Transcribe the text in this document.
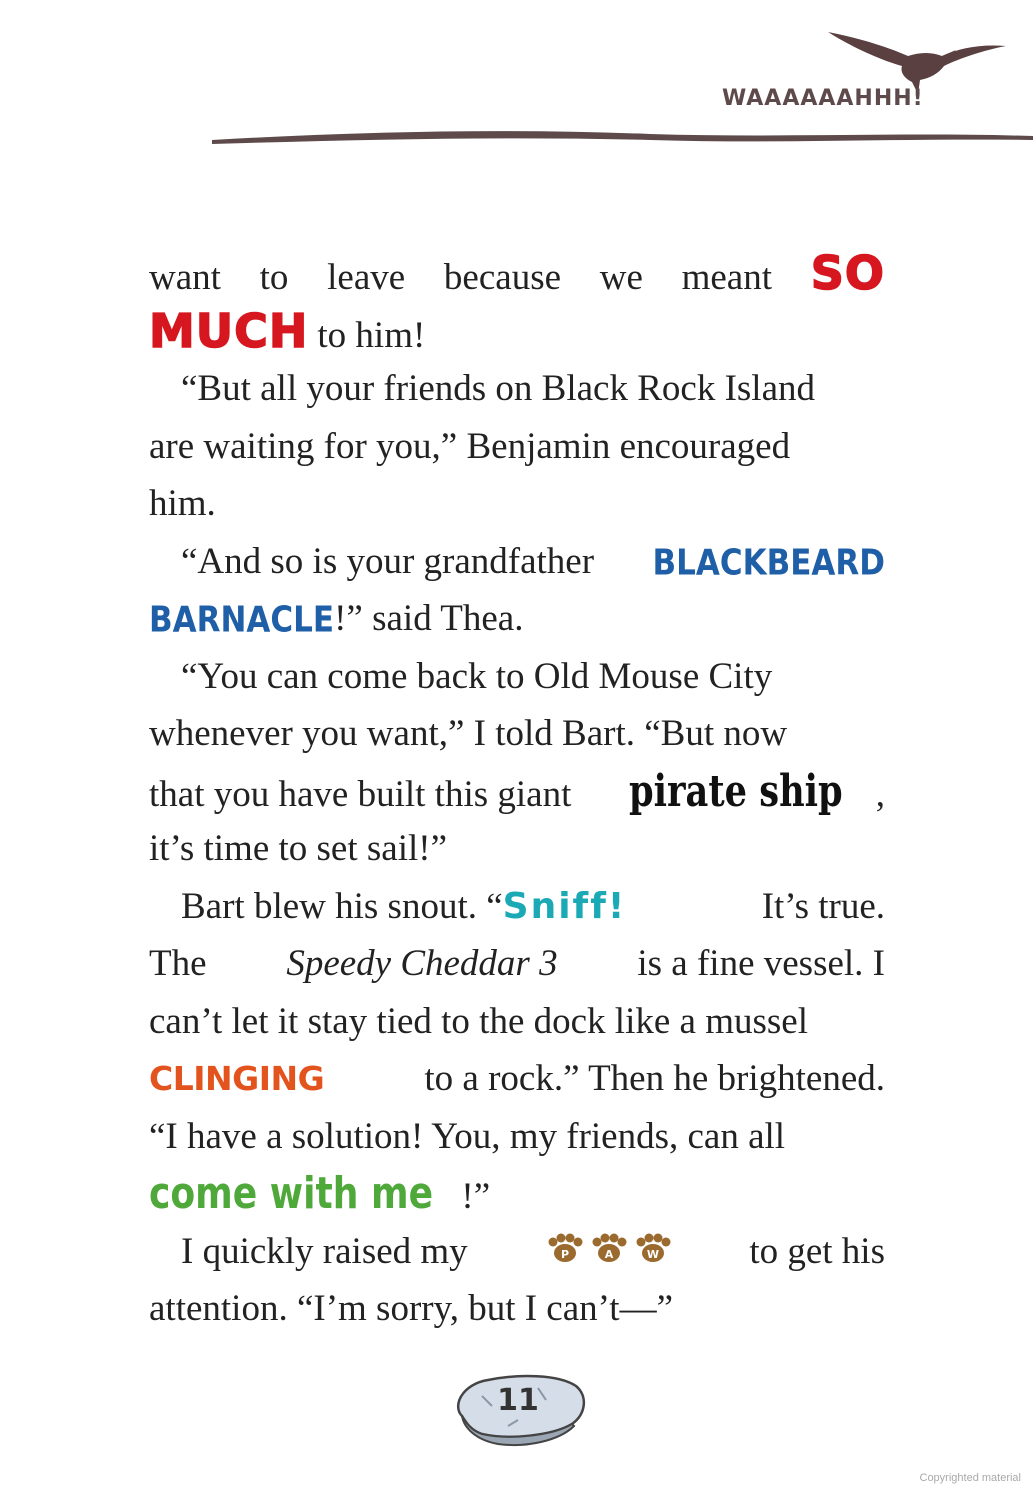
WAAAAAAHHH!
want to leave because we meant SO
MUCH to him!
“But all your friends on Black Rock Island
are waiting for you,” Benjamin encouraged
him.
“And so is your grandfather BLACKBEARD
BARNACLE !” said Thea.
“You can come back to Old Mouse City
whenever you want,” I told Bart. “But now
that you have built this giant pirate ship ,
it’s time to set sail!”
Bart blew his snout. “ Sniff!	It’s true.
The Speedy Cheddar 3 is a fine vessel. I
can’t let it stay tied to the dock like a mussel
CLINGING	to a rock.” Then he brightened.
“I have a solution! You, my friends, can all
come with me !”
I quickly raised my	P	A	W to get his
attention. “I’m sorry, but I can’t—”
11
Copyrighted material
